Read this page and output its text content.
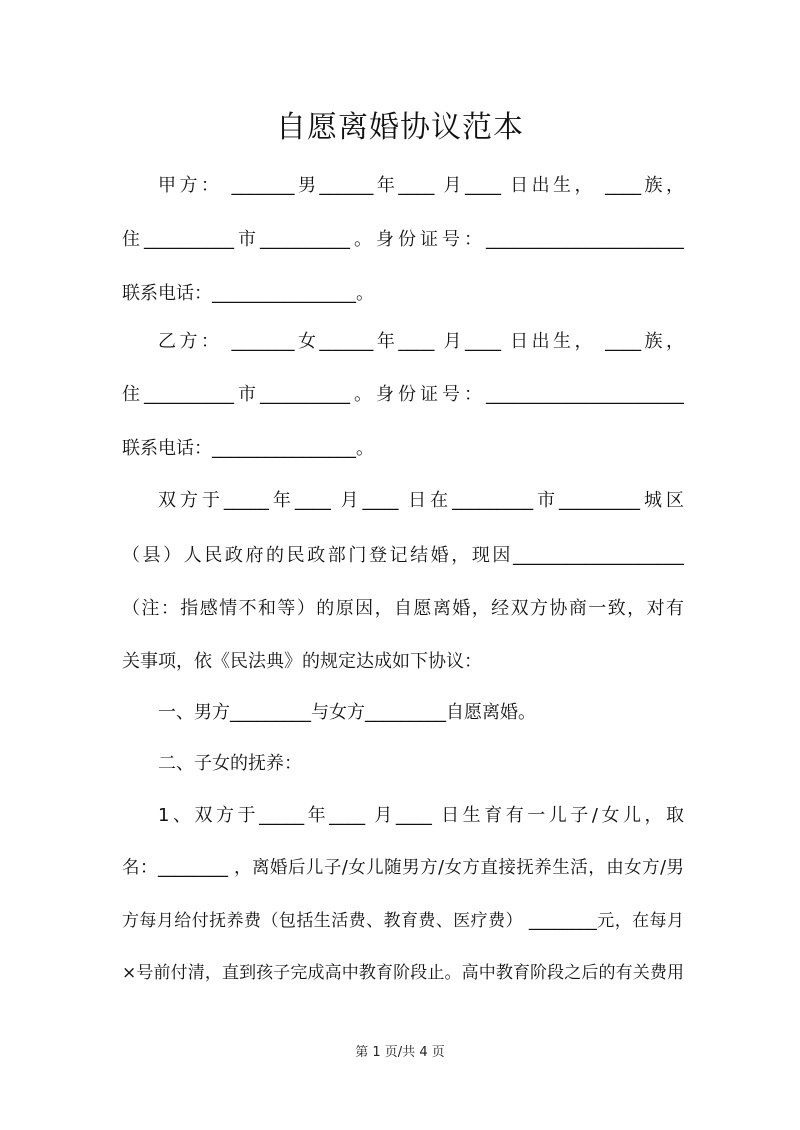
自愿离婚协议范本
甲方： _______男______年____ 月____ 日出生， ____族，
住__________市__________。身份证号：______________________
联系电话：________________。
乙方： _______女______年____ 月____ 日出生， ____族，
住__________市__________。身份证号：______________________
联系电话：________________。
双方于_____年____ 月____ 日在_________市_________城区
（县）人民政府的民政部门登记结婚，现因___________________
（注：指感情不和等）的原因，自愿离婚，经双方协商一致，对有
关事项，依《民法典》的规定达成如下协议：
一、男方_________与女方_________自愿离婚。
二、子女的抚养：
1、双方于_____年____ 月____ 日生育有一儿子/女儿，取
名：________ ，离婚后儿子/女儿随男方/女方直接抚养生活，由女方/男
方每月给付抚养费（包括生活费、教育费、医疗费） ________元，在每月
×号前付清，直到孩子完成高中教育阶段止。高中教育阶段之后的有关费用
第 1 页/共 4 页
